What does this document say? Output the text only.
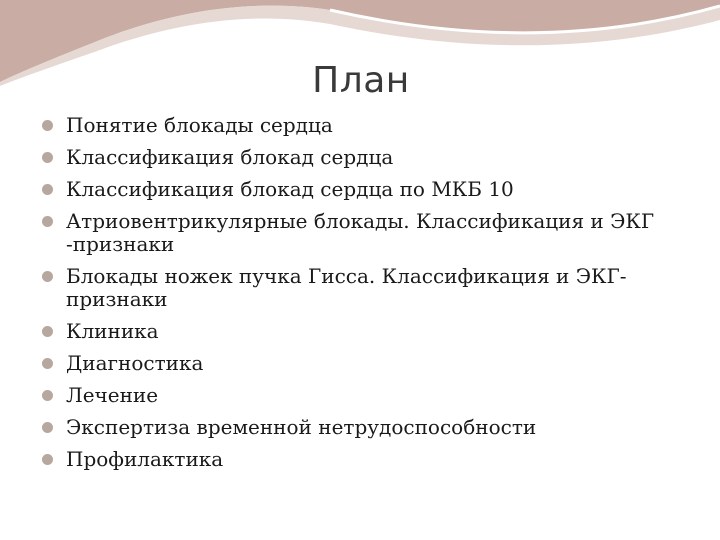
План
Понятие блокады сердца
Классификация блокад сердца
Классификация блокад сердца по МКБ 10
Атриовентрикулярные блокады. Классификация и ЭКГ -признаки
Блокады ножек пучка Гисса. Классификация и ЭКГ-признаки
Клиника
Диагностика
Лечение
Экспертиза временной нетрудоспособности
Профилактика
